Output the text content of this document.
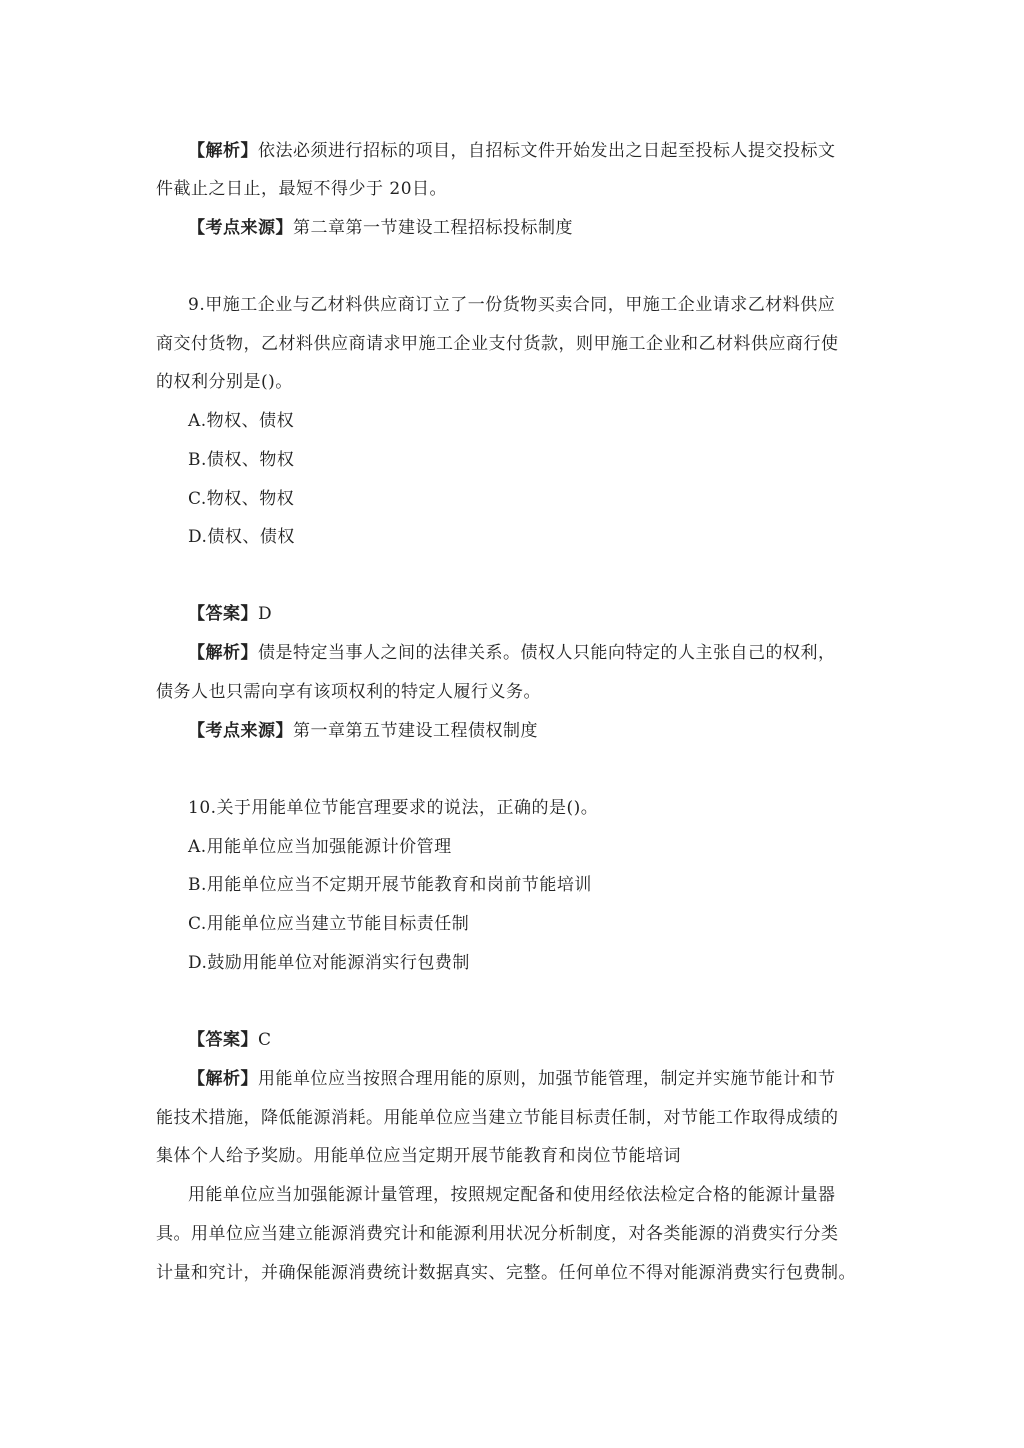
【解析】依法必须进行招标的项目，自招标文件开始发出之日起至投标人提交投标文
件截止之日止，最短不得少于 20日。
【考点来源】第二章第一节建设工程招标投标制度
9.甲施工企业与乙材料供应商订立了一份货物买卖合同，甲施工企业请求乙材料供应
商交付货物，乙材料供应商请求甲施工企业支付货款，则甲施工企业和乙材料供应商行使
的权利分别是()。
A.物权、债权
B.债权、物权
C.物权、物权
D.债权、债权
【答案】D
【解析】债是特定当事人之间的法律关系。债权人只能向特定的人主张自己的权利，
债务人也只需向享有该项权利的特定人履行义务。
【考点来源】第一章第五节建设工程债权制度
10.关于用能单位节能宫理要求的说法，正确的是()。
A.用能单位应当加强能源计价管理
B.用能单位应当不定期开展节能教育和岗前节能培训
C.用能单位应当建立节能目标责任制
D.鼓励用能单位对能源消实行包费制
【答案】C
【解析】用能单位应当按照合理用能的原则，加强节能管理，制定并实施节能计和节
能技术措施，降低能源消耗。用能单位应当建立节能目标责任制，对节能工作取得成绩的
集体个人给予奖励。用能单位应当定期开展节能教育和岗位节能培词
用能单位应当加强能源计量管理，按照规定配备和使用经依法检定合格的能源计量器
具。用单位应当建立能源消费究计和能源利用状况分析制度，对各类能源的消费实行分类
计量和究计，并确保能源消费统计数据真实、完整。任何单位不得对能源消费实行包费制。
